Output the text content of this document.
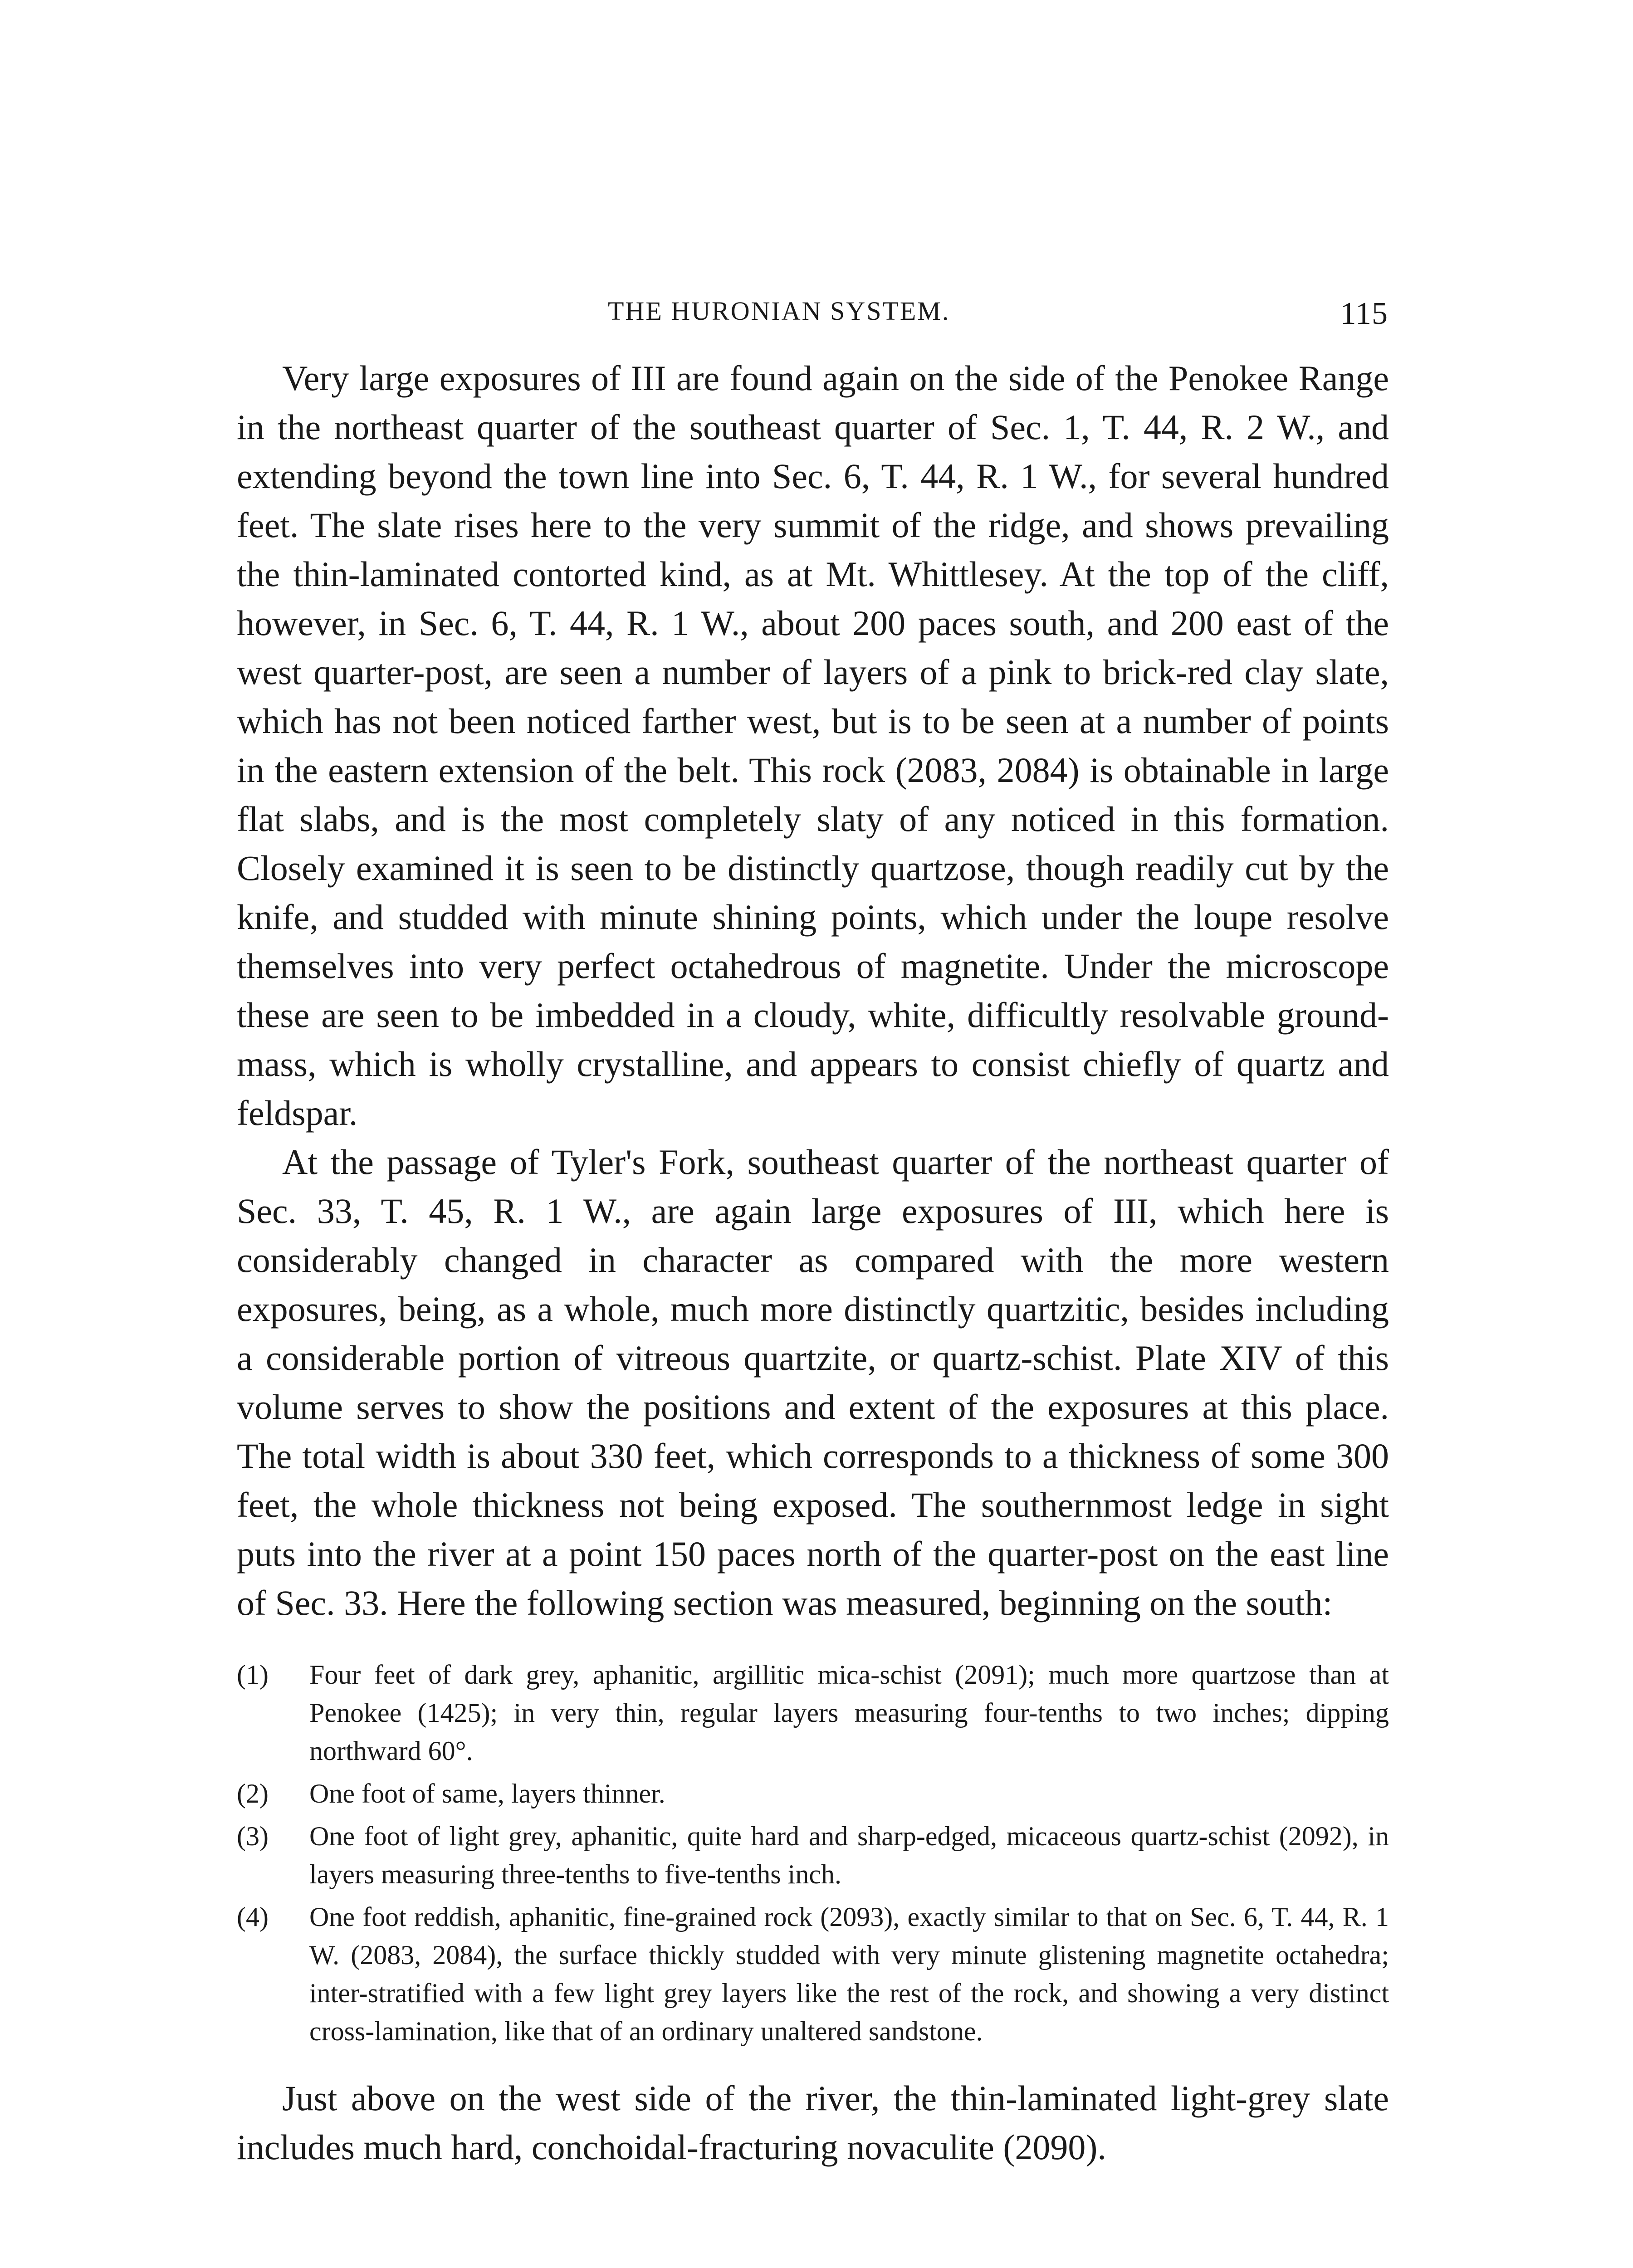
THE HURONIAN SYSTEM.	115

Very large exposures of III are found again on the side of the Penokee Range in the northeast quarter of the southeast quarter of Sec. 1, T. 44, R. 2 W., and extending beyond the town line into Sec. 6, T. 44, R. 1 W., for several hundred feet. The slate rises here to the very summit of the ridge, and shows prevailing the thin-laminated contorted kind, as at Mt. Whittlesey. At the top of the cliff, however, in Sec. 6, T. 44, R. 1 W., about 200 paces south, and 200 east of the west quarter-post, are seen a number of layers of a pink to brick-red clay slate, which has not been noticed farther west, but is to be seen at a number of points in the eastern extension of the belt. This rock (2083, 2084) is obtainable in large flat slabs, and is the most completely slaty of any noticed in this formation. Closely examined it is seen to be distinctly quartzose, though readily cut by the knife, and studded with minute shining points, which under the loupe resolve themselves into very perfect octahedrous of magnetite. Under the microscope these are seen to be imbedded in a cloudy, white, difficultly resolvable ground-mass, which is wholly crystalline, and appears to consist chiefly of quartz and feldspar.

At the passage of Tyler's Fork, southeast quarter of the northeast quarter of Sec. 33, T. 45, R. 1 W., are again large exposures of III, which here is considerably changed in character as compared with the more western exposures, being, as a whole, much more distinctly quartzitic, besides including a considerable portion of vitreous quartzite, or quartz-schist. Plate XIV of this volume serves to show the positions and extent of the exposures at this place. The total width is about 330 feet, which corresponds to a thickness of some 300 feet, the whole thickness not being exposed. The southernmost ledge in sight puts into the river at a point 150 paces north of the quarter-post on the east line of Sec. 33. Here the following section was measured, beginning on the south:

(1) Four feet of dark grey, aphanitic, argillitic mica-schist (2091); much more quartzose than at Penokee (1425); in very thin, regular layers measuring four-tenths to two inches; dipping northward 60°.
(2) One foot of same, layers thinner.
(3) One foot of light grey, aphanitic, quite hard and sharp-edged, micaceous quartz-schist (2092), in layers measuring three-tenths to five-tenths inch.
(4) One foot reddish, aphanitic, fine-grained rock (2093), exactly similar to that on Sec. 6, T. 44, R. 1 W. (2083, 2084), the surface thickly studded with very minute glistening magnetite octahedra; inter-stratified with a few light grey layers like the rest of the rock, and showing a very distinct cross-lamination, like that of an ordinary unaltered sandstone.

Just above on the west side of the river, the thin-laminated light-grey slate includes much hard, conchoidal-fracturing novaculite (2090).
